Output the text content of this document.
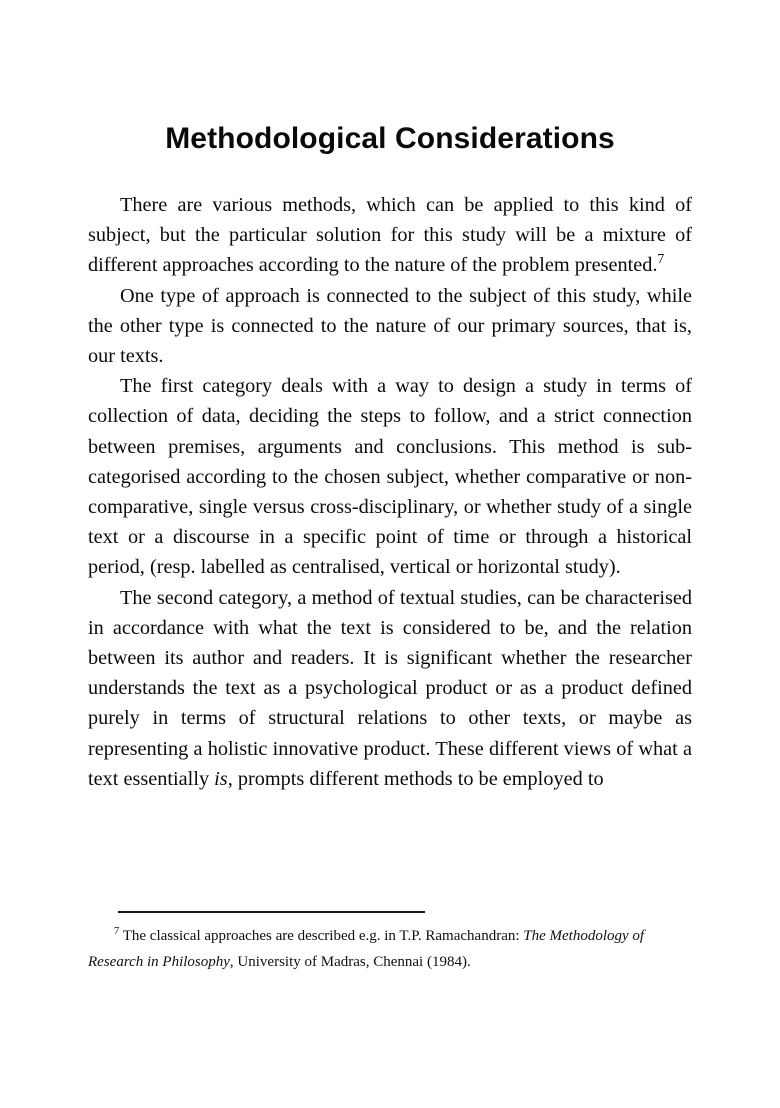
Methodological Considerations

There are various methods, which can be applied to this kind of subject, but the particular solution for this study will be a mixture of different approaches according to the nature of the problem presented.$^7$

One type of approach is connected to the subject of this study, while the other type is connected to the nature of our primary sources, that is, our texts.

The first category deals with a way to design a study in terms of collection of data, deciding the steps to follow, and a strict connection between premises, arguments and conclusions. This method is sub-categorised according to the chosen subject, whether comparative or non-comparative, single versus cross-disciplinary, or whether study of a single text or a discourse in a specific point of time or through a historical period, (resp. labelled as centralised, vertical or horizontal study).

The second category, a method of textual studies, can be characterised in accordance with what the text is considered to be, and the relation between its author and readers. It is significant whether the researcher understands the text as a psychological product or as a product defined purely in terms of structural relations to other texts, or maybe as representing a holistic innovative product. These different views of what a text essentially is, prompts different methods to be employed to

$^7$ The classical approaches are described e.g. in T.P. Ramachandran: The Methodology of Research in Philosophy, University of Madras, Chennai (1984).
